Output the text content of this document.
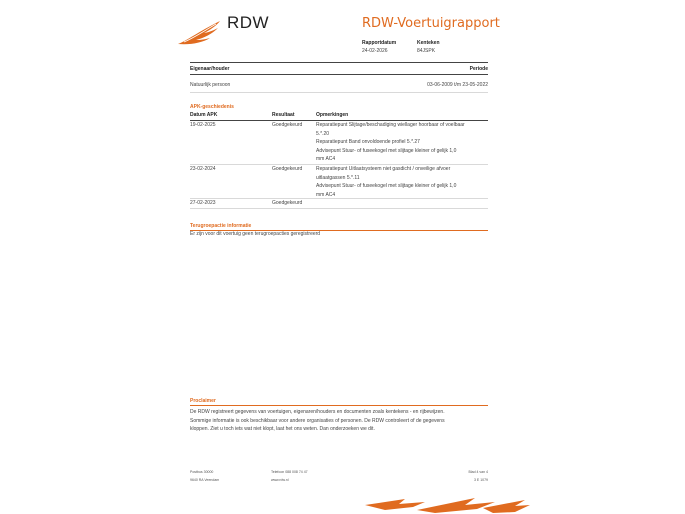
RDW	RDW-Voertuigrapport
Rapportdatum
24-02-2026
Kenteken
84JSPK
Eigenaar/houder	Periode
Natuurlijk persoon	03-06-2009 t/m 23-05-2022
APK-geschiedenis
Datum APK	Resultaat	Opmerkingen
19-02-2025	Goedgekeurd	Reparatiepunt Slijtage/beschadiging wiellager hoorbaar of voelbaar
5.*.20
Reparatiepunt Band onvoldoende profiel 5.*.27
Advisepunt Stuur- of fuseekogel met slijtage kleiner of gelijk 1,0
mm AC4
23-02-2024	Goedgekeurd	Reparatiepunt Uitlaatsysteem niet gasdicht / onveilige afvoer
uitlaatgassen 5.*.11
Advisepunt Stuur- of fuseekogel met slijtage kleiner of gelijk 1,0
mm AC4
27-02-2023	Goedgekeurd
Terugroepactie informatie
Er zijn voor dit voertuig geen terugroepacties geregistreerd
Proclaimer
De RDW registreert gegevens van voertuigen, eigenaren/houders en documenten zoals kentekens - en rijbewijzen.
Sommige informatie is ook beschikbaar voor andere organisaties of personen. De RDW controleert of de gegevens
kloppen. Ziet u toch iets wat niet klopt, laat het ons weten. Dan onderzoeken we dit.
Postbus 30000
9640 RA Veendam
Telefoon 088 008 74 47
www.rdw.nl
Blad 4 van 4
3 E 1079
